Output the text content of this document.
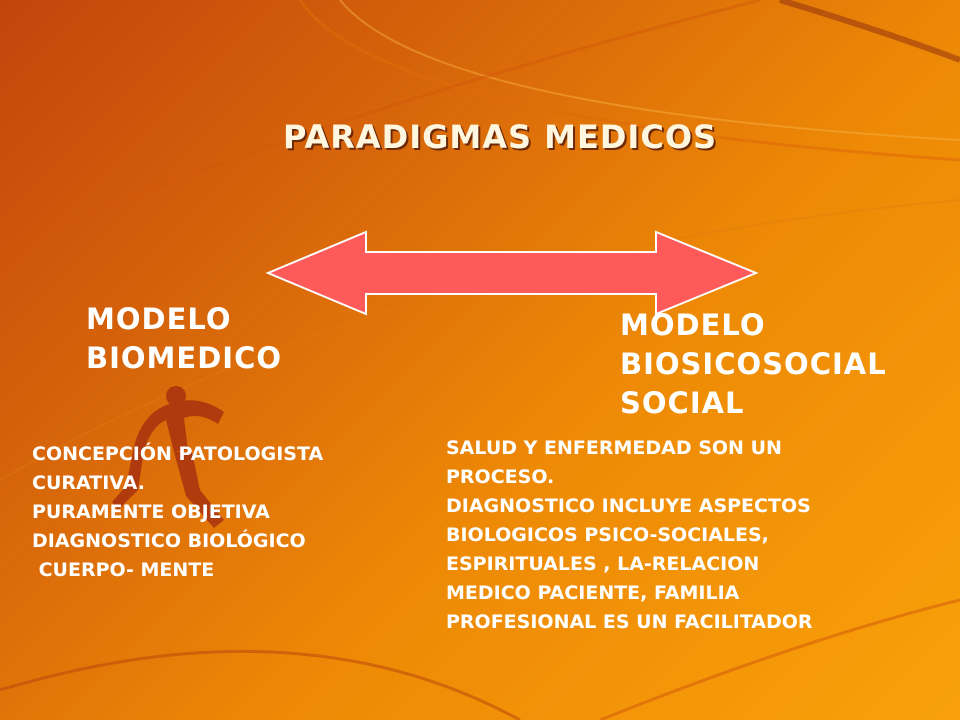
PARADIGMAS MEDICOS
MODELO
BIOMEDICO
MODELO
BIOSICOSOCIAL
SOCIAL
CONCEPCIÓN PATOLOGISTA
CURATIVA.
PURAMENTE OBJETIVA
DIAGNOSTICO BIOLÓGICO
CUERPO- MENTE
SALUD Y ENFERMEDAD SON UN
PROCESO.
DIAGNOSTICO INCLUYE ASPECTOS
BIOLOGICOS PSICO-SOCIALES,
ESPIRITUALES , LA-RELACION
MEDICO PACIENTE, FAMILIA
PROFESIONAL ES UN FACILITADOR
